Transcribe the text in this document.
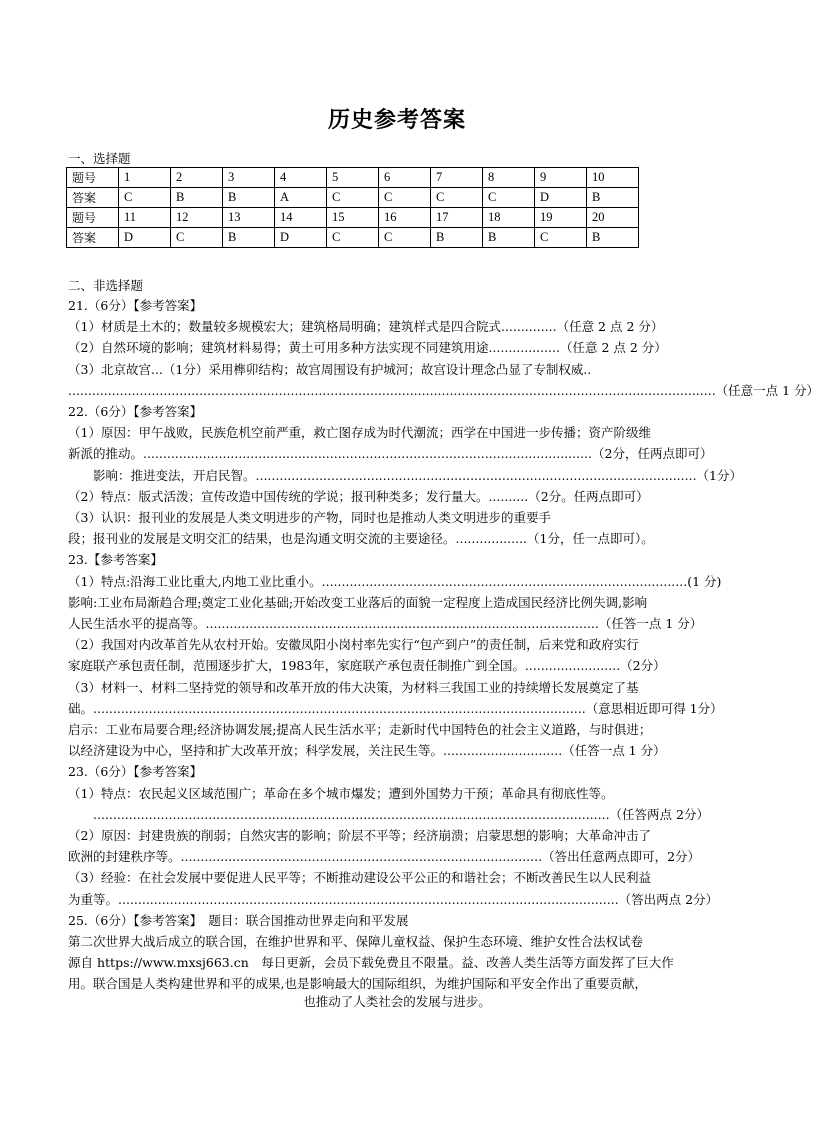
历史参考答案
一、选择题
题号	1	2	3	4	5	6	7	8	9	10
答案	C	B	B	A	C	C	C	C	D	B
题号	11	12	13	14	15	16	17	18	19	20
答案	D	C	B	D	C	C	B	B	C	B
二、非选择题
21.（6分）【参考答案】
（1）材质是土木的；数量较多规模宏大；建筑格局明确；建筑样式是四合院式..............（任意 2 点 2 分）
（2）自然环境的影响；建筑材料易得；黄土可用多种方法实现不同建筑用途..................（任意 2 点 2 分）
（3）北京故宫...（1分）采用榫卯结构；故宫周围设有护城河；故宫设计理念凸显了专制权威..
...................................................................................................................................................................（任意一点 1 分）
22.（6分）【参考答案】
（1）原因：甲午战败，民族危机空前严重，救亡图存成为时代潮流；西学在中国进一步传播；资产阶级维
新派的推动。.................................................................................................................（2分，任两点即可）
　　影响：推进变法，开启民智。...............................................................................................................（1分）
（2）特点：版式活泼；宣传改造中国传统的学说；报刊种类多；发行量大。..........（2分。任两点即可）
（3）认识：报刊业的发展是人类文明进步的产物，同时也是推动人类文明进步的重要手
段；报刊业的发展是文明交汇的结果，也是沟通文明交流的主要途径。..................（1分，任一点即可）。
23.【参考答案】
（1）特点:沿海工业比重大,内地工业比重小。............................................................................................(1 分)
影响:工业布局渐趋合理;奠定工业化基础;开始改变工业落后的面貌一定程度上造成国民经济比例失调,影响
人民生活水平的提高等。...................................................................................................（任答一点 1 分）
（2）我国对内改革首先从农村开始。安徽凤阳小岗村率先实行“包产到户”的责任制，后来党和政府实行
家庭联产承包责任制，范围逐步扩大，1983年，家庭联产承包责任制推广到全国。........................（2分）
（3）材料一、材料二坚持党的领导和改革开放的伟大决策，为材料三我国工业的持续增长发展奠定了基
础。............................................................................................................................（意思相近即可得 1分）
启示：工业布局要合理;经济协调发展;提高人民生活水平；走新时代中国特色的社会主义道路，与时俱进；
以经济建设为中心，坚持和扩大改革开放；科学发展，关注民生等。..............................（任答一点 1 分）
23.（6分）【参考答案】
（1）特点：农民起义区域范围广；革命在多个城市爆发；遭到外国势力干预；革命具有彻底性等。
　　..................................................................................................................................（任答两点 2分）
（2）原因：封建贵族的削弱；自然灾害的影响；阶层不平等；经济崩溃；启蒙思想的影响；大革命冲击了
欧洲的封建秩序等。...........................................................................................（答出任意两点即可，2分）
（3）经验：在社会发展中要促进人民平等；不断推动建设公平公正的和谐社会；不断改善民生以人民利益
为重等。..............................................................................................................................（答出两点 2分）
25.（6分）【参考答案】　题目：联合国推动世界走向和平发展
第二次世界大战后成立的联合国，在维护世界和平、保障儿童权益、保护生态环境、维护女性合法权试卷
源自 https://www.mxsj663.cn　每日更新，会员下载免费且不限量。益、改善人类生活等方面发挥了巨大作
用。联合国是人类构建世界和平的成果,也是影响最大的国际组织，为维护国际和平安全作出了重要贡献，
也推动了人类社会的发展与进步。
